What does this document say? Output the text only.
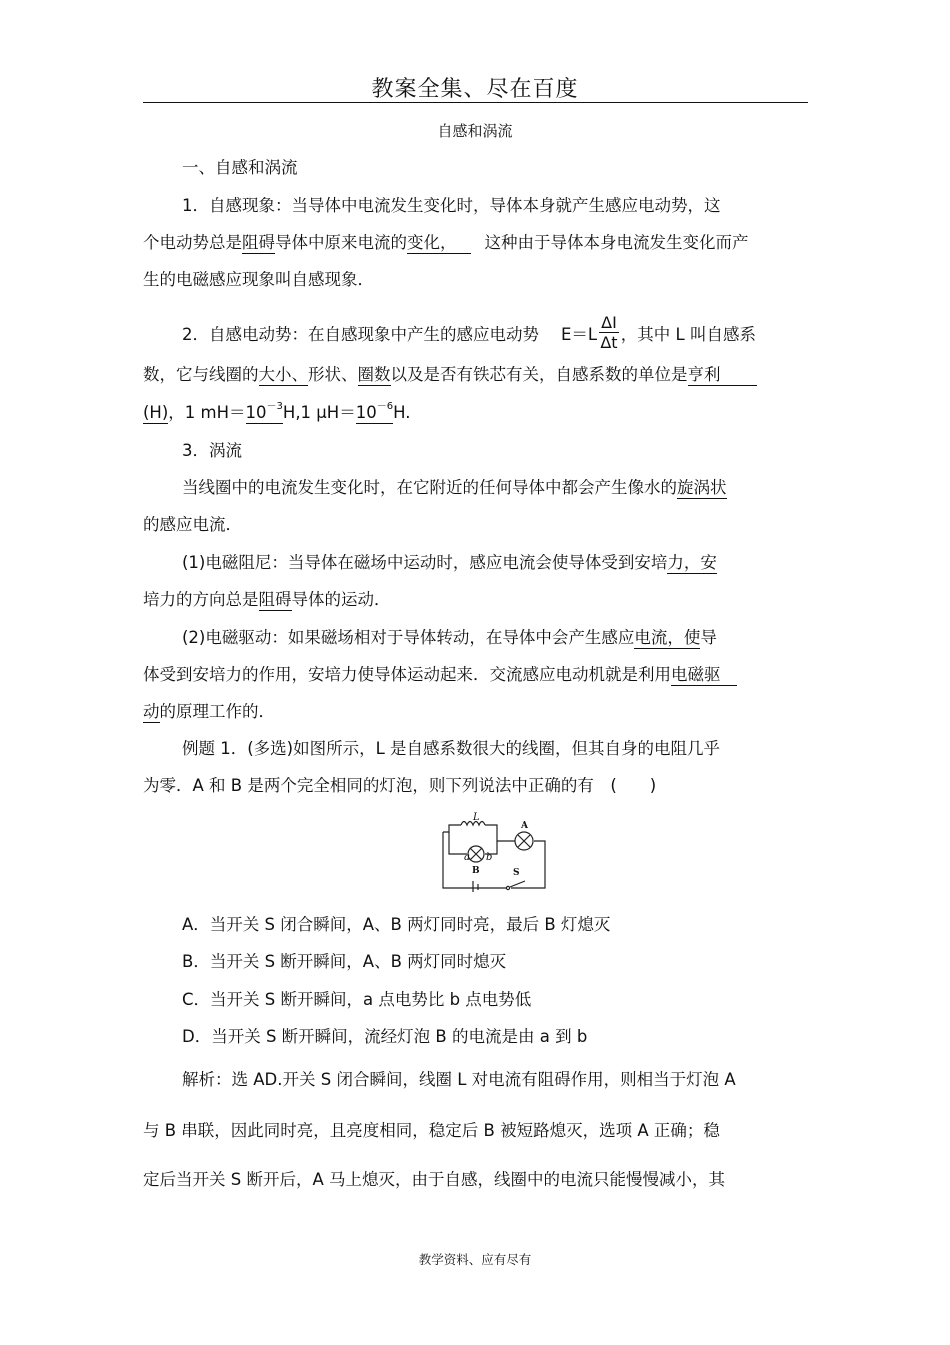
教案全集、尽在百度
自感和涡流
一、自感和涡流
1．自感现象：当导体中电流发生变化时，导体本身就产生感应电动势，这
个电动势总是阻碍导体中原来电流的变化， 这种由于导体本身电流发生变化而产
生的电磁感应现象叫自感现象．
2．自感电动势：在自感现象中产生的感应电动势 $E=L \frac{\Delta I}{\Delta t}$ ，其中 L 叫自感系
数，它与线圈的大小、形状、圈数以及是否有铁芯有关，自感系数的单位是亨利
(H)，1 $mH=10^{-3}H,1$ $\mu H=10^{-6}H$.
3．涡流
当线圈中的电流发生变化时，在它附近的任何导体中都会产生像水的旋涡状
的感应电流．
(1)电磁阻尼：当导体在磁场中运动时，感应电流会使导体受到安培力，安
培力的方向总是阻碍导体的运动．
(2)电磁驱动：如果磁场相对于导体转动，在导体中会产生感应电流，使导
体受到安培力的作用，安培力使导体运动起来．交流感应电动机就是利用电磁驱
动的原理工作的．
例题 1．(多选)如图所示，L 是自感系数很大的线圈，但其自身的电阻几乎
为零．A 和 B 是两个完全相同的灯泡，则下列说法中正确的有　(　　)
L
a b
A
B	S
A．当开关 S 闭合瞬间，A、B 两灯同时亮，最后 B 灯熄灭
B．当开关 S 断开瞬间，A、B 两灯同时熄灭
C．当开关 S 断开瞬间，a 点电势比 b 点电势低
D．当开关 S 断开瞬间，流经灯泡 B 的电流是由 a 到 b
解析：选 AD.开关 S 闭合瞬间，线圈 L 对电流有阻碍作用，则相当于灯泡 A
与 B 串联，因此同时亮，且亮度相同，稳定后 B 被短路熄灭，选项 A 正确；稳
定后当开关 S 断开后，A 马上熄灭，由于自感，线圈中的电流只能慢慢减小，其
教学资料、应有尽有
